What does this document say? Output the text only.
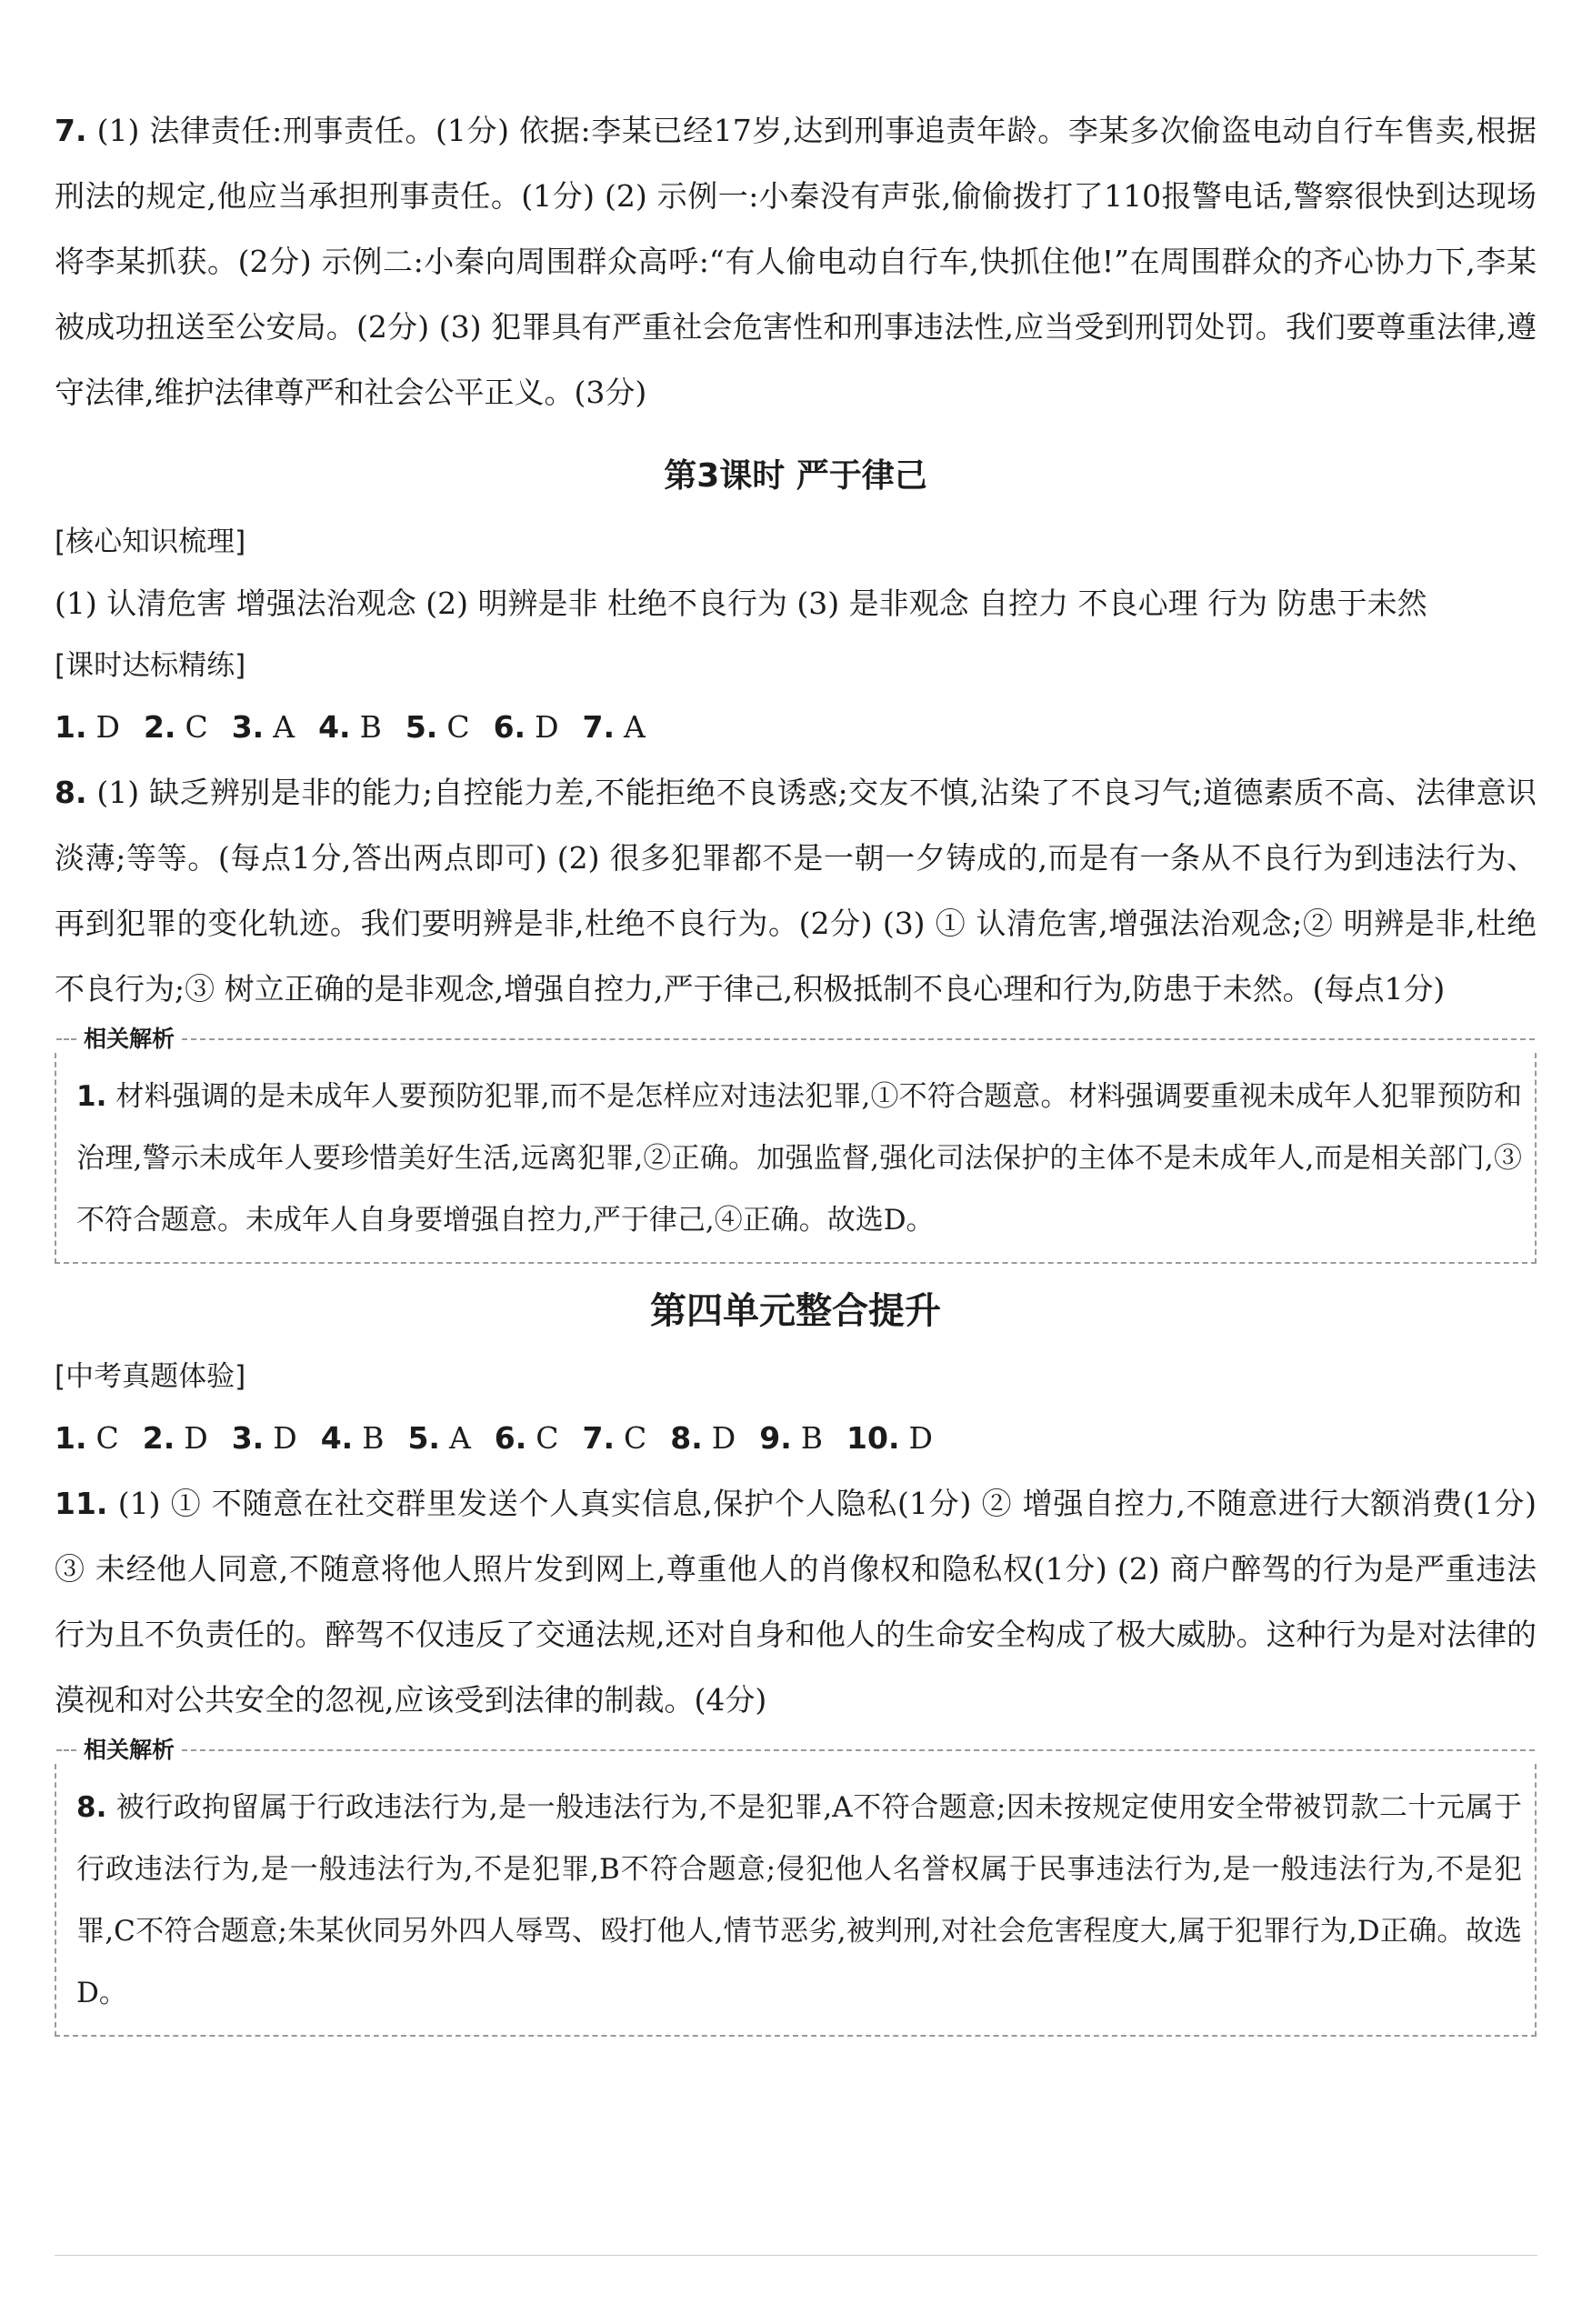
7. (1) 法律责任:刑事责任。(1分) 依据:李某已经17岁,达到刑事追责年龄。李某多次偷盗电动自行车售卖,根据刑法的规定,他应当承担刑事责任。(1分) (2) 示例一:小秦没有声张,偷偷拨打了110报警电话,警察很快到达现场将李某抓获。(2分) 示例二:小秦向周围群众高呼:“有人偷电动自行车,快抓住他!”在周围群众的齐心协力下,李某被成功扭送至公安局。(2分) (3) 犯罪具有严重社会危害性和刑事违法性,应当受到刑罚处罚。我们要尊重法律,遵守法律,维护法律尊严和社会公平正义。(3分)

第3课时 严于律己

[核心知识梳理]

(1) 认清危害 增强法治观念 (2) 明辨是非 杜绝不良行为 (3) 是非观念 自控力 不良心理 行为 防患于未然

[课时达标精练]

1. D 2. C 3. A 4. B 5. C 6. D 7. A

8. (1) 缺乏辨别是非的能力;自控能力差,不能拒绝不良诱惑;交友不慎,沾染了不良习气;道德素质不高、法律意识淡薄;等等。(每点1分,答出两点即可) (2) 很多犯罪都不是一朝一夕铸成的,而是有一条从不良行为到违法行为、再到犯罪的变化轨迹。我们要明辨是非,杜绝不良行为。(2分) (3) ① 认清危害,增强法治观念;② 明辨是非,杜绝不良行为;③ 树立正确的是非观念,增强自控力,严于律己,积极抵制不良心理和行为,防患于未然。(每点1分)

相关解析

1. 材料强调的是未成年人要预防犯罪,而不是怎样应对违法犯罪,①不符合题意。材料强调要重视未成年人犯罪预防和治理,警示未成年人要珍惜美好生活,远离犯罪,②正确。加强监督,强化司法保护的主体不是未成年人,而是相关部门,③不符合题意。未成年人自身要增强自控力,严于律己,④正确。故选D。

第四单元整合提升

[中考真题体验]

1. C 2. D 3. D 4. B 5. A 6. C 7. C 8. D 9. B 10. D

11. (1) ① 不随意在社交群里发送个人真实信息,保护个人隐私(1分) ② 增强自控力,不随意进行大额消费(1分) ③ 未经他人同意,不随意将他人照片发到网上,尊重他人的肖像权和隐私权(1分) (2) 商户醉驾的行为是严重违法行为且不负责任的。醉驾不仅违反了交通法规,还对自身和他人的生命安全构成了极大威胁。这种行为是对法律的漠视和对公共安全的忽视,应该受到法律的制裁。(4分)

相关解析

8. 被行政拘留属于行政违法行为,是一般违法行为,不是犯罪,A不符合题意;因未按规定使用安全带被罚款二十元属于行政违法行为,是一般违法行为,不是犯罪,B不符合题意;侵犯他人名誉权属于民事违法行为,是一般违法行为,不是犯罪,C不符合题意;朱某伙同另外四人辱骂、殴打他人,情节恶劣,被判刑,对社会危害程度大,属于犯罪行为,D正确。故选D。
